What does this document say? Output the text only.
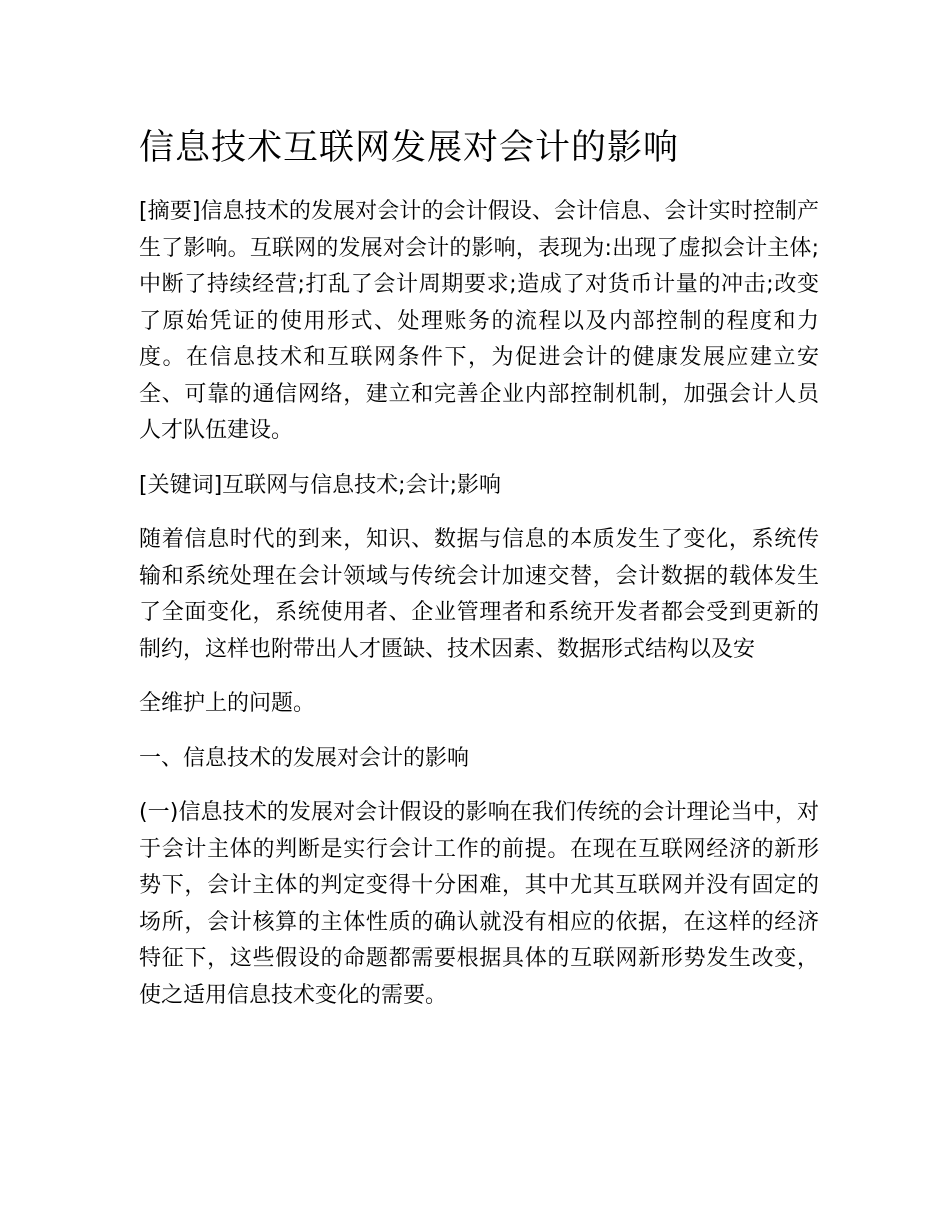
信息技术互联网发展对会计的影响

[摘要]信息技术的发展对会计的会计假设、会计信息、会计实时控制产生了影响。互联网的发展对会计的影响，表现为:出现了虚拟会计主体;中断了持续经营;打乱了会计周期要求;造成了对货币计量的冲击;改变了原始凭证的使用形式、处理账务的流程以及内部控制的程度和力度。在信息技术和互联网条件下，为促进会计的健康发展应建立安全、可靠的通信网络，建立和完善企业内部控制机制，加强会计人员人才队伍建设。

[关键词]互联网与信息技术;会计;影响

随着信息时代的到来，知识、数据与信息的本质发生了变化，系统传输和系统处理在会计领域与传统会计加速交替，会计数据的载体发生了全面变化，系统使用者、企业管理者和系统开发者都会受到更新的制约，这样也附带出人才匮缺、技术因素、数据形式结构以及安

全维护上的问题。

一、信息技术的发展对会计的影响

(一)信息技术的发展对会计假设的影响在我们传统的会计理论当中，对于会计主体的判断是实行会计工作的前提。在现在互联网经济的新形势下，会计主体的判定变得十分困难，其中尤其互联网并没有固定的场所，会计核算的主体性质的确认就没有相应的依据，在这样的经济特征下，这些假设的命题都需要根据具体的互联网新形势发生改变，使之适用信息技术变化的需要。
